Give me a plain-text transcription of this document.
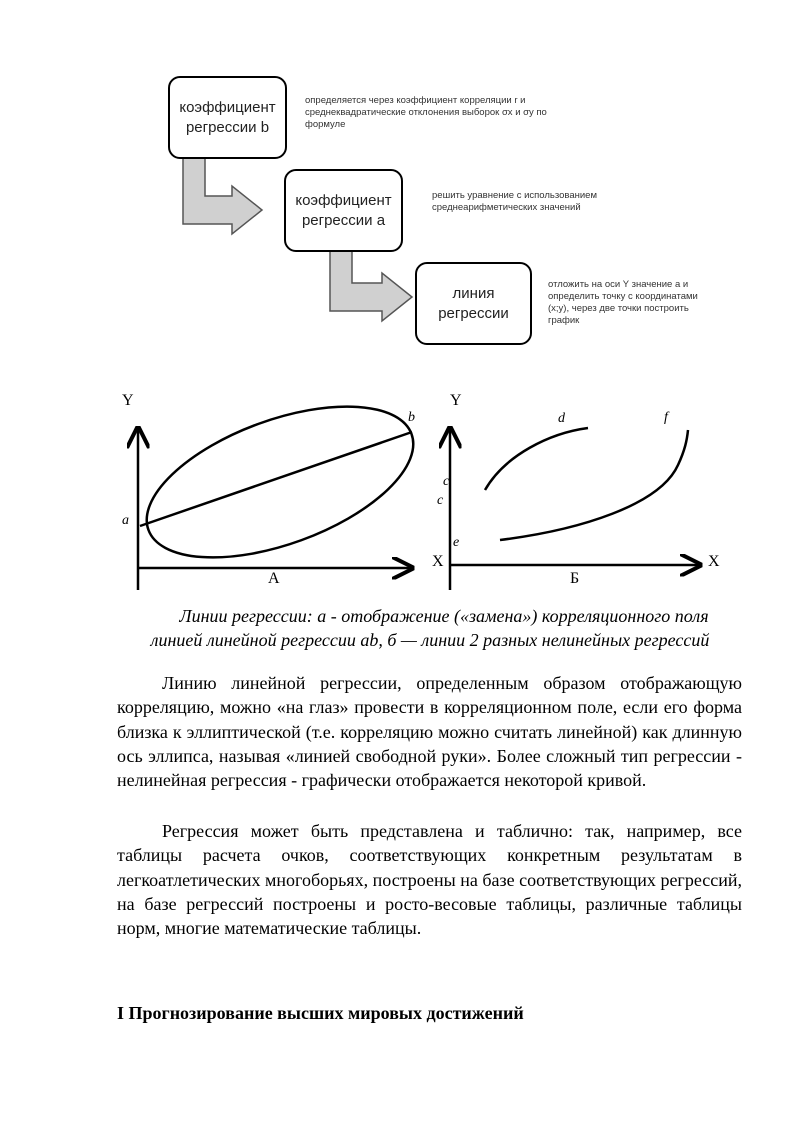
коэффициент регрессии b
определяется через коэффициент корреляции r и среднеквадратические отклонения выборок σx и σy по формуле
коэффициент регрессии a
решить уравнение с использованием среднеарифметических значений
линия регрессии
отложить на оси Y значение a и определить точку с координатами (x;y), через две точки построить график
Y
a
b
А
Y
X	X
d	f
c
c
e
Б
Линии регрессии: a - отображение («замена») корреляционного поля
линией линейной регрессии ab, б — линии 2 разных нелинейных регрессий

Линию линейной регрессии, определенным образом отображающую корреляцию, можно «на глаз» провести в корреляционном поле, если его форма близка к эллиптической (т.е. корреляцию можно считать линейной) как длинную ось эллипса, называя «линией свободной руки». Более сложный тип регрессии - нелинейная регрессия - графически отображается некоторой кривой.

Регрессия может быть представлена и таблично: так, например, все таблицы расчета очков, соответствующих конкретным результатам в легкоатлетических многоборьях, построены на базе соответствующих регрессий, на базе регрессий построены и росто-весовые таблицы, различные таблицы норм, многие математические таблицы.

I Прогнозирование высших мировых достижений
